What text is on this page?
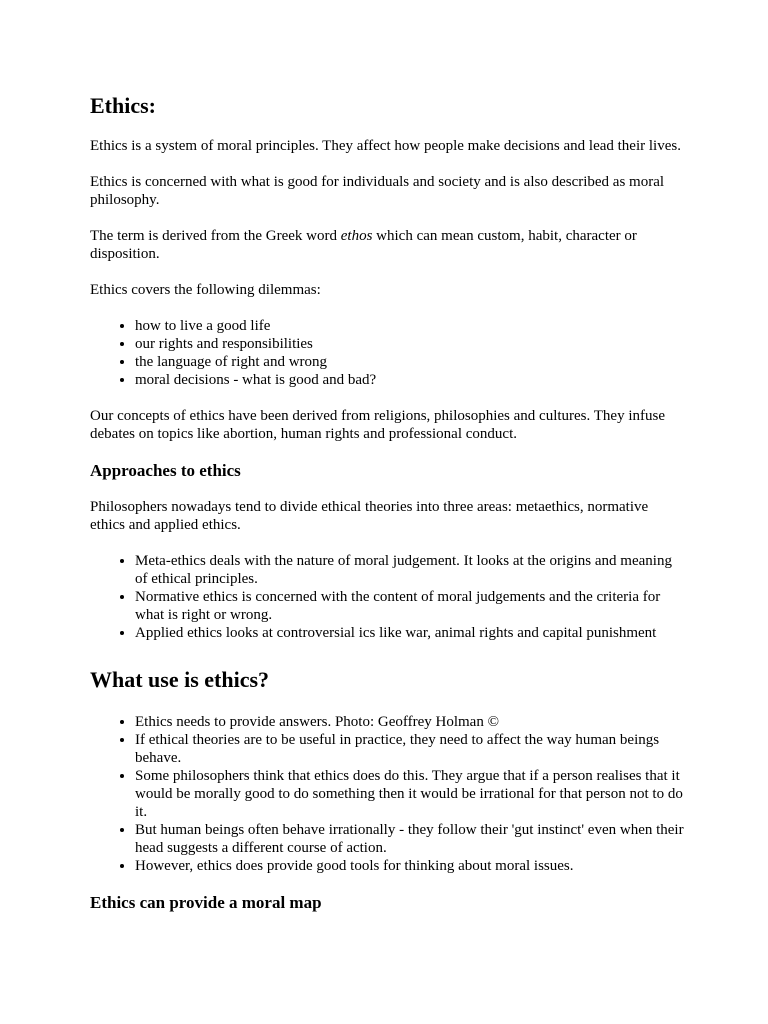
Ethics:

Ethics is a system of moral principles. They affect how people make decisions and lead their lives.

Ethics is concerned with what is good for individuals and society and is also described as moral philosophy.

The term is derived from the Greek word ethos which can mean custom, habit, character or disposition.

Ethics covers the following dilemmas:

• how to live a good life
• our rights and responsibilities
• the language of right and wrong
• moral decisions - what is good and bad?

Our concepts of ethics have been derived from religions, philosophies and cultures. They infuse debates on topics like abortion, human rights and professional conduct.

Approaches to ethics

Philosophers nowadays tend to divide ethical theories into three areas: metaethics, normative ethics and applied ethics.

• Meta-ethics deals with the nature of moral judgement. It looks at the origins and meaning of ethical principles.
• Normative ethics is concerned with the content of moral judgements and the criteria for what is right or wrong.
• Applied ethics looks at controversial ics like war, animal rights and capital punishment
What use is ethics?
• Ethics needs to provide answers. Photo: Geoffrey Holman ©
• If ethical theories are to be useful in practice, they need to affect the way human beings behave.
• Some philosophers think that ethics does do this. They argue that if a person realises that it would be morally good to do something then it would be irrational for that person not to do it.
• But human beings often behave irrationally - they follow their 'gut instinct' even when their head suggests a different course of action.
• However, ethics does provide good tools for thinking about moral issues.
Ethics can provide a moral map
